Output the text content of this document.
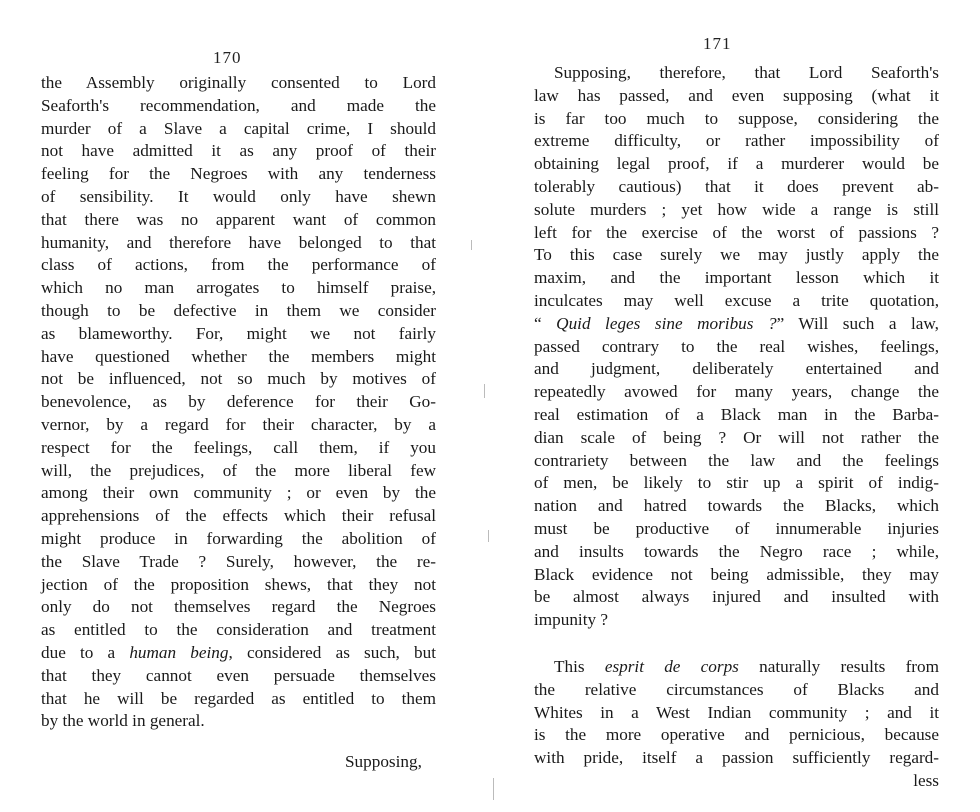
170
the Assembly originally consented to Lord
Seaforth's recommendation, and made the
murder of a Slave a capital crime, I should
not have admitted it as any proof of their
feeling for the Negroes with any tenderness
of sensibility. It would only have shewn
that there was no apparent want of common
humanity, and therefore have belonged to that
class of actions, from the performance of
which no man arrogates to himself praise,
though to be defective in them we consider
as blameworthy. For, might we not fairly
have questioned whether the members might
not be influenced, not so much by motives of
benevolence, as by deference for their Go-
vernor, by a regard for their character, by a
respect for the feelings, call them, if you
will, the prejudices, of the more liberal few
among their own community ; or even by the
apprehensions of the effects which their refusal
might produce in forwarding the abolition of
the Slave Trade ? Surely, however, the re-
jection of the proposition shews, that they not
only do not themselves regard the Negroes
as entitled to the consideration and treatment
due to a human being, considered as such, but
that they cannot even persuade themselves
that he will be regarded as entitled to them
by the world in general.
Supposing,
171
Supposing, therefore, that Lord Seaforth's
law has passed, and even supposing (what it
is far too much to suppose, considering the
extreme difficulty, or rather impossibility of
obtaining legal proof, if a murderer would be
tolerably cautious) that it does prevent ab-
solute murders ; yet how wide a range is still
left for the exercise of the worst of passions ?
To this case surely we may justly apply the
maxim, and the important lesson which it
inculcates may well excuse a trite quotation,
“ Quid leges sine moribus ?” Will such a law,
passed contrary to the real wishes, feelings,
and judgment, deliberately entertained and
repeatedly avowed for many years, change the
real estimation of a Black man in the Barba-
dian scale of being ? Or will not rather the
contrariety between the law and the feelings
of men, be likely to stir up a spirit of indig-
nation and hatred towards the Blacks, which
must be productive of innumerable injuries
and insults towards the Negro race ; while,
Black evidence not being admissible, they may
be almost always injured and insulted with
impunity ?
This esprit de corps naturally results from
the relative circumstances of Blacks and
Whites in a West Indian community ; and it
is the more operative and pernicious, because
with pride, itself a passion sufficiently regard-
less
